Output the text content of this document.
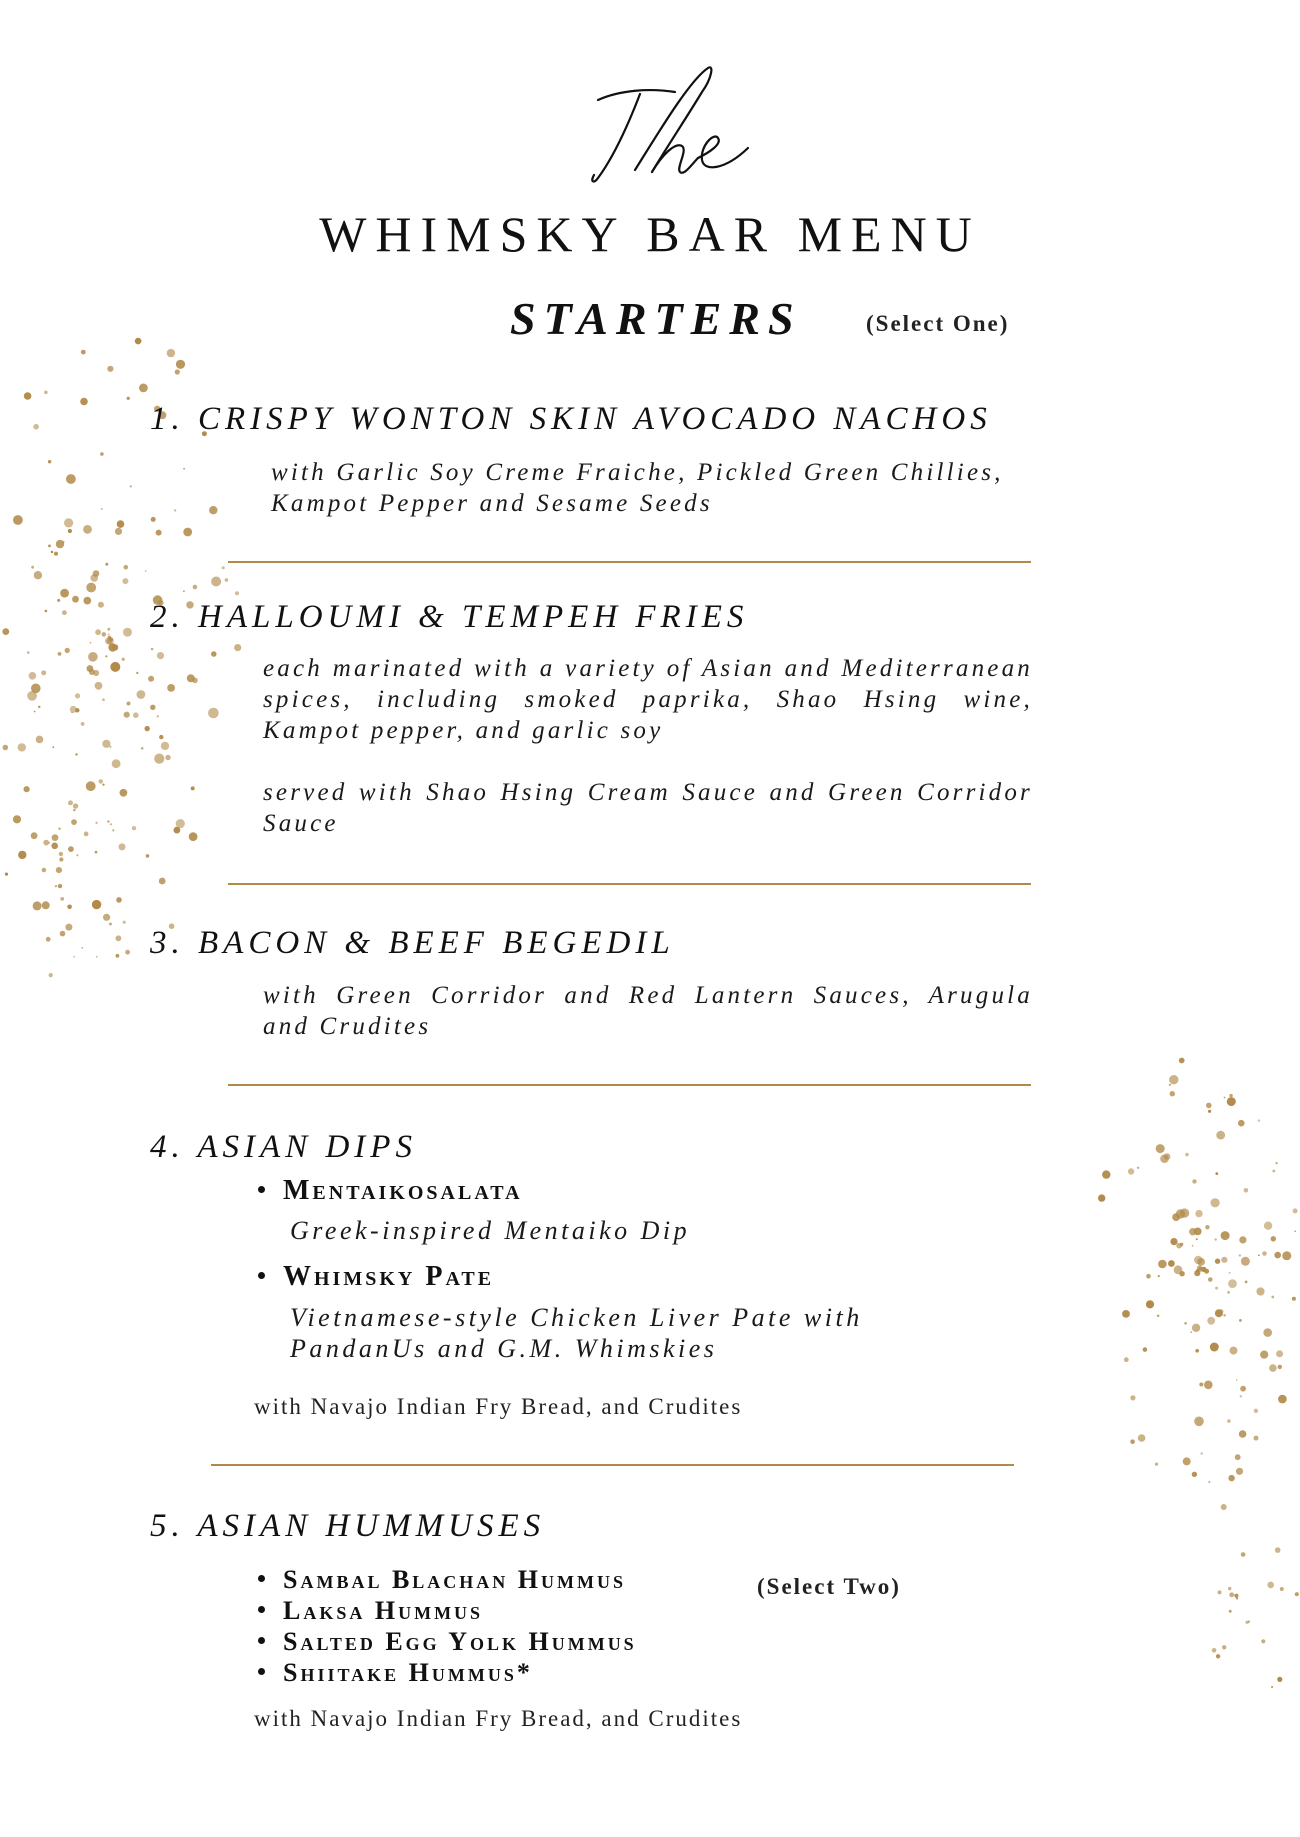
WHIMSKY BAR MENU
STARTERS	(Select One)
1. CRISPY WONTON SKIN AVOCADO NACHOS
with Garlic Soy Creme Fraiche, Pickled Green Chillies, Kampot Pepper and Sesame Seeds
2. HALLOUMI & TEMPEH FRIES
each marinated with a variety of Asian and Mediterranean spices, including smoked paprika, Shao Hsing wine, Kampot pepper, and garlic soy
served with Shao Hsing Cream Sauce and Green Corridor Sauce
3. BACON & BEEF BEGEDIL
with Green Corridor and Red Lantern Sauces, Arugula and Crudites
4. ASIAN DIPS
Mentaikosalata
Greek-inspired Mentaiko Dip
Whimsky Pate
Vietnamese-style Chicken Liver Pate with PandanUs and G.M. Whimskies
with Navajo Indian Fry Bread, and Crudites
5. ASIAN HUMMUSES
Sambal Blachan Hummus
Laksa Hummus
Salted Egg Yolk Hummus
Shiitake Hummus*
(Select Two)
with Navajo Indian Fry Bread, and Crudites
